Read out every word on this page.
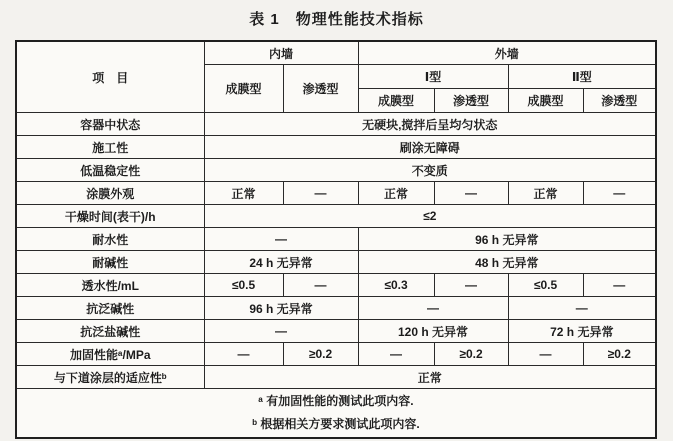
表 1　物理性能技术指标
项　目	内墙		外墙			
	成膜型	渗透型	Ⅰ型		Ⅱ型	
			成膜型	渗透型	成膜型	渗透型
容器中状态	无硬块,搅拌后呈均匀状态					
施工性	刷涂无障碍					
低温稳定性	不变质					
涂膜外观	正常	—	正常	—	正常	—
干燥时间(表干)/h	≤2					
耐水性	—		96 h 无异常			
耐碱性	24 h 无异常		48 h 无异常			
透水性/mL	≤0.5	—	≤0.3	—	≤0.5	—
抗泛碱性	96 h 无异常		—		—	
抗泛盐碱性	—		120 h 无异常		72 h 无异常	
加固性能ᵃ/MPa	—	≥0.2	—	≥0.2	—	≥0.2
与下道涂层的适应性ᵇ	正常					

ᵃ 有加固性能的测试此项内容.
ᵇ 根据相关方要求测试此项内容.						
